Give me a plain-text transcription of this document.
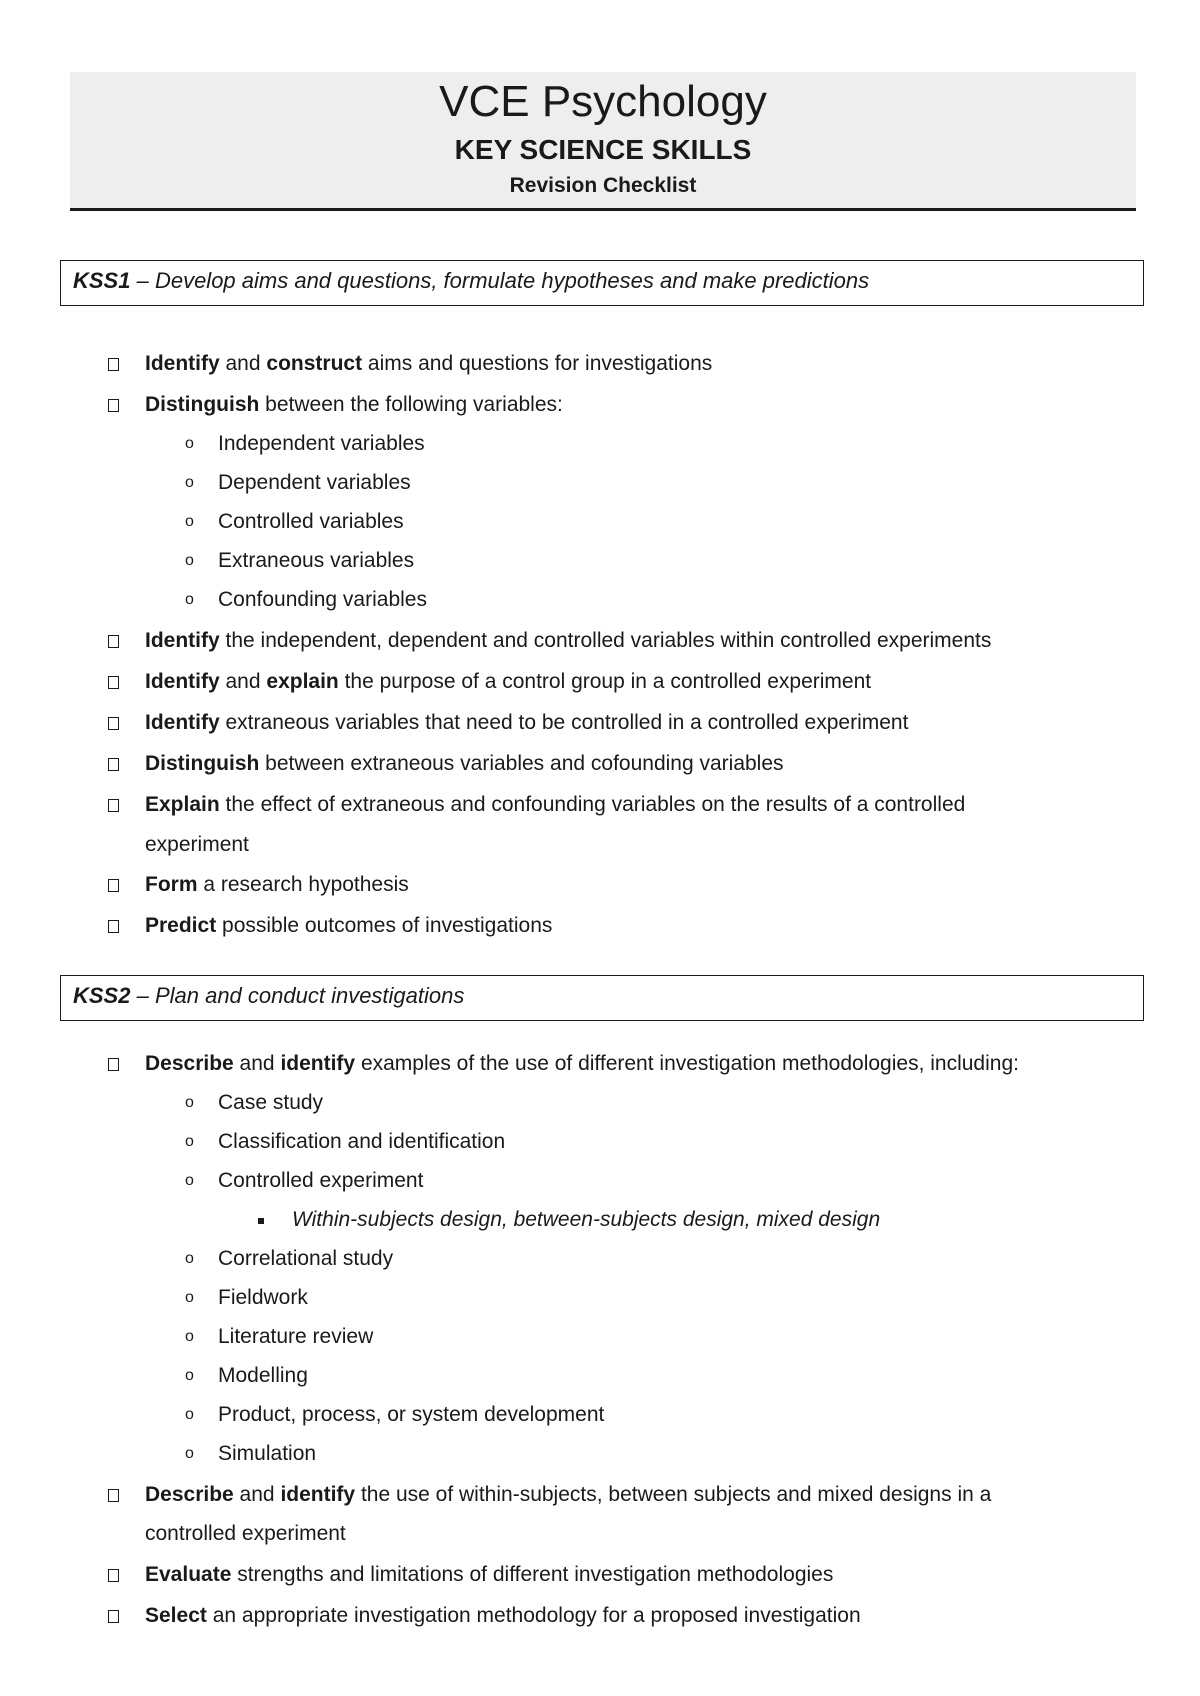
VCE Psychology
KEY SCIENCE SKILLS
Revision Checklist
KSS1 – Develop aims and questions, formulate hypotheses and make predictions
Identify and construct aims and questions for investigations
Distinguish between the following variables:
o Independent variables
o Dependent variables
o Controlled variables
o Extraneous variables
o Confounding variables
Identify the independent, dependent and controlled variables within controlled experiments
Identify and explain the purpose of a control group in a controlled experiment
Identify extraneous variables that need to be controlled in a controlled experiment
Distinguish between extraneous variables and cofounding variables
Explain the effect of extraneous and confounding variables on the results of a controlled
experiment
Form a research hypothesis
Predict possible outcomes of investigations
KSS2 – Plan and conduct investigations
Describe and identify examples of the use of different investigation methodologies, including:
o Case study
o Classification and identification
o Controlled experiment
Within-subjects design, between-subjects design, mixed design
o Correlational study
o Fieldwork
o Literature review
o Modelling
o Product, process, or system development
o Simulation
Describe and identify the use of within-subjects, between subjects and mixed designs in a
controlled experiment
Evaluate strengths and limitations of different investigation methodologies
Select an appropriate investigation methodology for a proposed investigation
